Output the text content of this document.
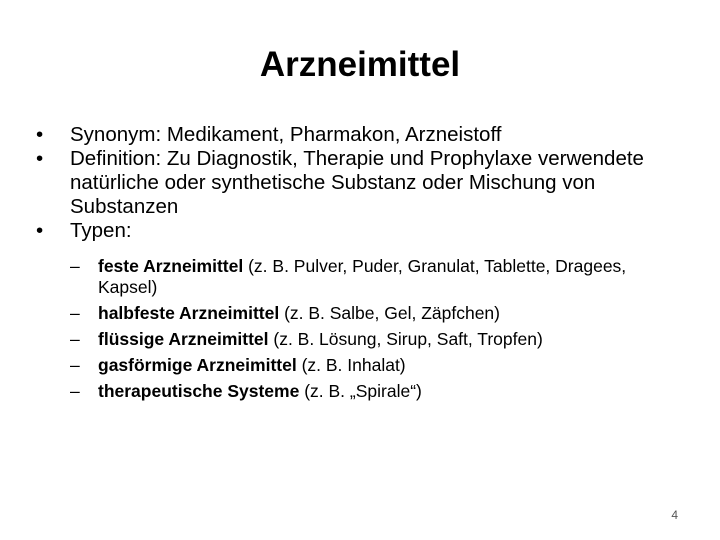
Arzneimittel
•	Synonym: Medikament, Pharmakon, Arzneistoff
•	Definition: Zu Diagnostik, Therapie und Prophylaxe verwendete natürliche oder synthetische Substanz oder Mischung von Substanzen
•	Typen:
–	feste Arzneimittel (z. B. Pulver, Puder, Granulat, Tablette, Dragees, Kapsel)
–	halbfeste Arzneimittel (z. B. Salbe, Gel, Zäpfchen)
–	flüssige Arzneimittel (z. B. Lösung, Sirup, Saft, Tropfen)
–	gasförmige Arzneimittel (z. B. Inhalat)
–	therapeutische Systeme (z. B. „Spirale“)
4
